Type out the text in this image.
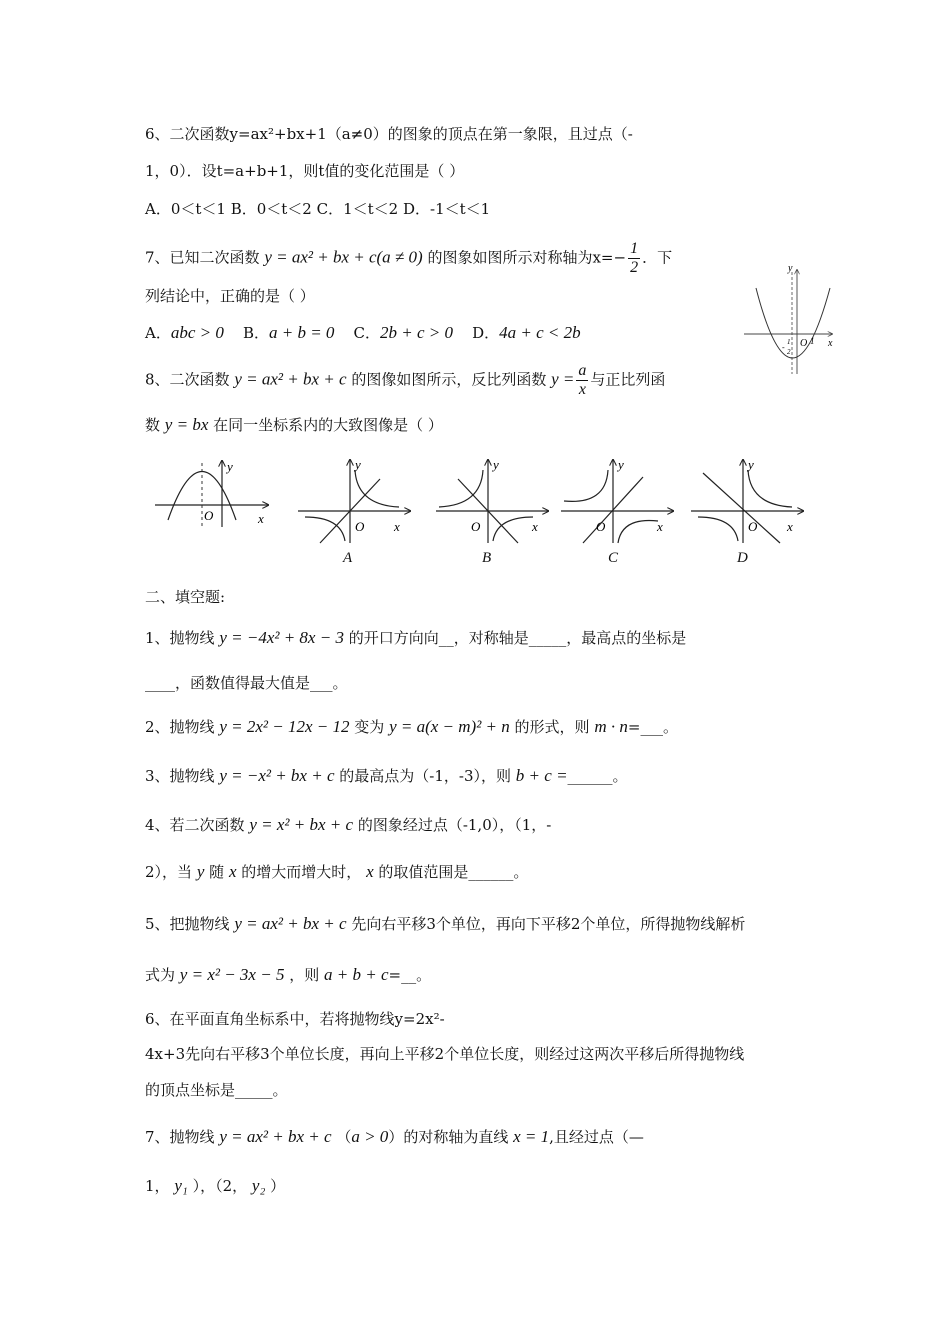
6、二次函数y=ax²+bx+1（a≠0）的图象的顶点在第一象限，且过点（-
1，0）．设t=a+b+1，则t值的变化范围是（ ）
A．0＜t＜1 B．0＜t＜2 C．1＜t＜2 D．-1＜t＜1
7、已知二次函数 y = ax² + bx + c(a ≠ 0) 的图象如图所示对称轴为$x=- \frac{1}{2}$ ．下
列结论中，正确的是（ ）
A．abc > 0 B．a + b = 0 C．2b + c > 0 D．4a + c < 2b
8、二次函数 y = ax² + bx + c 的图像如图所示，反比列函数 $y = \frac{a}{x}$ 与正比列函
数 y = bx 在同一坐标系内的大致图像是（ ）
y
x
O 1
-
1
2
y
x
O
y
x
O
y
x
O
y
x
O
y
x
O
A	B	C	D
二、填空题:
1、抛物线 y = −4x² + 8x − 3 的开口方向向__，对称轴是_____，最高点的坐标是
____，函数值得最大值是___。
2、抛物线 y = 2x² − 12x − 12 变为 y = a(x − m)² + n 的形式，则 m · n=___。
3、抛物线 y = −x² + bx + c 的最高点为（-1，-3），则 b + c =______。
4、若二次函数 y = x² + bx + c 的图象经过点（-1,0），（1，-
2），当 y 随 x 的增大而增大时， x 的取值范围是______。
5、把抛物线 y = ax² + bx + c 先向右平移3个单位，再向下平移2个单位，所得抛物线解析
式为 y = x² − 3x − 5 ，则 a + b + c=__。
6、在平面直角坐标系中，若将抛物线y=2x²-
4x+3先向右平移3个单位长度，再向上平移2个单位长度，则经过这两次平移后所得抛物线
的顶点坐标是_____。
7、抛物线 y = ax² + bx + c （a > 0）的对称轴为直线 x = 1,且经过点（—
1， y₁ ），（2， y₂ ）
